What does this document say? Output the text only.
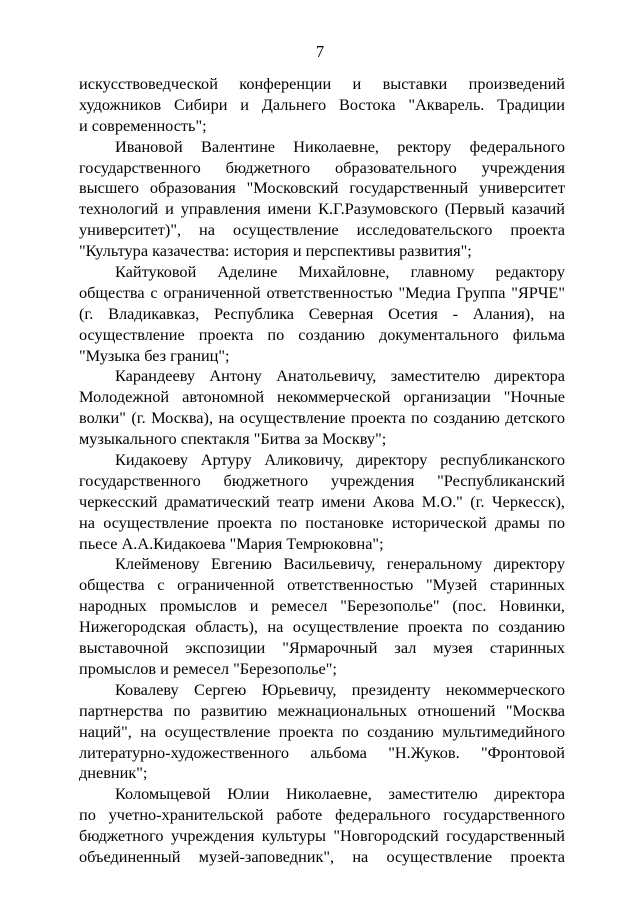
7
искусствоведческой конференции и выставки произведений
художников Сибири и Дальнего Востока "Акварель. Традиции
и современность";
Ивановой Валентине Николаевне, ректору федерального
государственного бюджетного образовательного учреждения
высшего образования "Московский государственный университет
технологий и управления имени К.Г.Разумовского (Первый казачий
университет)", на осуществление исследовательского проекта
"Культура казачества: история и перспективы развития";
Кайтуковой Аделине Михайловне, главному редактору
общества с ограниченной ответственностью "Медиа Группа "ЯРЧЕ"
(г. Владикавказ, Республика Северная Осетия - Алания), на
осуществление проекта по созданию документального фильма
"Музыка без границ";
Карандееву Антону Анатольевичу, заместителю директора
Молодежной автономной некоммерческой организации "Ночные
волки" (г. Москва), на осуществление проекта по созданию детского
музыкального спектакля "Битва за Москву";
Кидакоеву Артуру Аликовичу, директору республиканского
государственного бюджетного учреждения "Республиканский
черкесский драматический театр имени Акова М.О." (г. Черкесск),
на осуществление проекта по постановке исторической драмы по
пьесе А.А.Кидакоева "Мария Темрюковна";
Клейменову Евгению Васильевичу, генеральному директору
общества с ограниченной ответственностью "Музей старинных
народных промыслов и ремесел "Березополье" (пос. Новинки,
Нижегородская область), на осуществление проекта по созданию
выставочной экспозиции "Ярмарочный зал музея старинных
промыслов и ремесел "Березополье";
Ковалеву Сергею Юрьевичу, президенту некоммерческого
партнерства по развитию межнациональных отношений "Москва
наций", на осуществление проекта по созданию мультимедийного
литературно-художественного альбома "Н.Жуков. "Фронтовой
дневник";
Коломыцевой Юлии Николаевне, заместителю директора
по учетно-хранительской работе федерального государственного
бюджетного учреждения культуры "Новгородский государственный
объединенный музей-заповедник", на осуществление проекта
